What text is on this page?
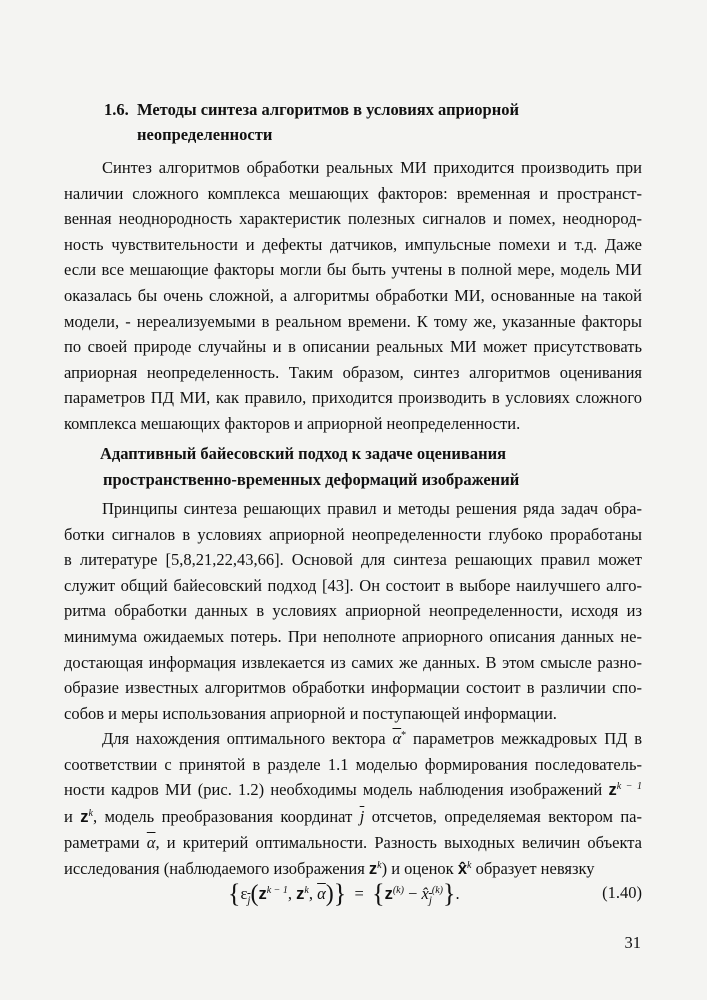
1.6. Методы синтеза алгоритмов в условиях априорной
неопределенности
Синтез алгоритмов обработки реальных МИ приходится производить при
наличии сложного комплекса мешающих факторов: временная и пространст-
венная неоднородность характеристик полезных сигналов и помех, неоднород-
ность чувствительности и дефекты датчиков, импульсные помехи и т.д. Даже
если все мешающие факторы могли бы быть учтены в полной мере, модель МИ
оказалась бы очень сложной, а алгоритмы обработки МИ, основанные на такой
модели, - нереализуемыми в реальном времени. К тому же, указанные факторы
по своей природе случайны и в описании реальных МИ может присутствовать
априорная неопределенность. Таким образом, синтез алгоритмов оценивания
параметров ПД МИ, как правило, приходится производить в условиях сложного
комплекса мешающих факторов и априорной неопределенности.
Адаптивный байесовский подход к задаче оценивания
пространственно-временных деформаций изображений
Принципы синтеза решающих правил и методы решения ряда задач обра-
ботки сигналов в условиях априорной неопределенности глубоко проработаны
в литературе [5,8,21,22,43,66]. Основой для синтеза решающих правил может
служит общий байесовский подход [43]. Он состоит в выборе наилучшего алго-
ритма обработки данных в условиях априорной неопределенности, исходя из
минимума ожидаемых потерь. При неполноте априорного описания данных не-
достающая информация извлекается из самих же данных. В этом смысле разно-
образие известных алгоритмов обработки информации состоит в различии спо-
собов и меры использования априорной и поступающей информации.
Для нахождения оптимального вектора $\overline{\alpha}^*$ параметров межкадровых ПД в
соответствии с принятой в разделе 1.1 моделью формирования последователь-
ности кадров МИ (рис. 1.2) необходимы модель наблюдения изображений $z^{k - 1}$
и $z^k$, модель преобразования координат $\overline{j}$ отсчетов, определяемая вектором па-
раметрами $\overline{\alpha}$, и критерий оптимальности. Разность выходных величин объекта
исследования (наблюдаемого изображения $z^k$) и оценок x̂$^k$ образует невязку
{$\varepsilon_{\overline{j}}(z^{k - 1}$, $z^k$, $\overline{\alpha})\} = \{z^{(k)}$ − $x̂_{\overline{j}}^{(k)}$}.	(1.40)
31
